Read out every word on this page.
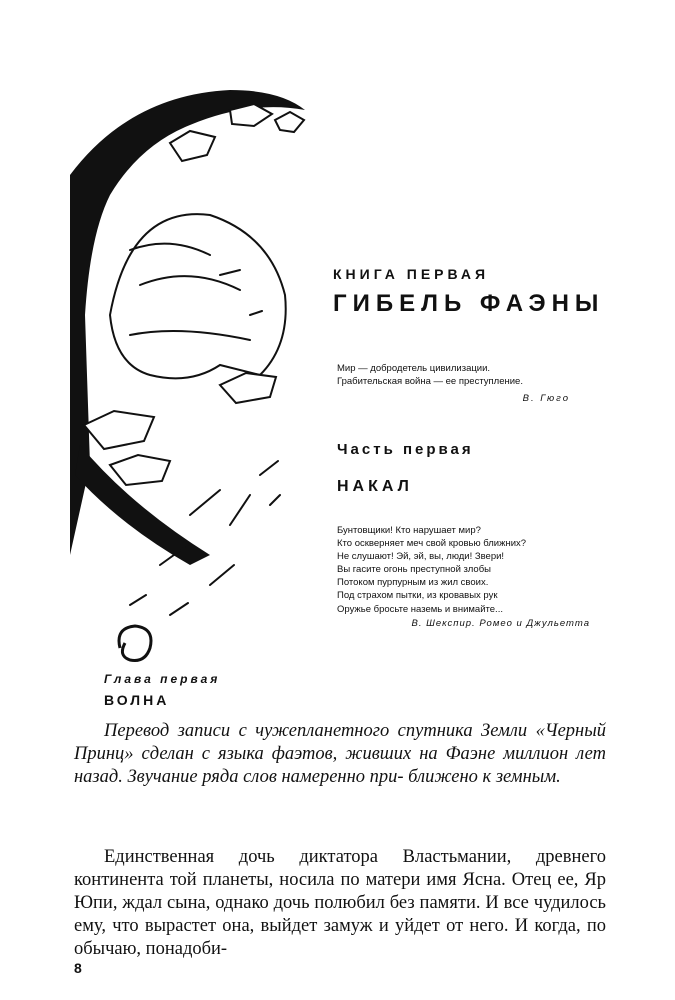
КНИГА ПЕРВАЯ
ГИБЕЛЬ ФАЭНЫ
Мир — добродетель цивилизации.
Грабительская война — ее преступление.
В. Гюго
Часть первая
НАКАЛ
Бунтовщики! Кто нарушает мир?
Кто оскверняет меч свой кровью ближних?
Не слушают! Эй, эй, вы, люди! Звери!
Вы гасите огонь преступной злобы
Потоком пурпурным из жил своих.
Под страхом пытки, из кровавых рук
Оружье бросьте наземь и внимайте...
В. Шекспир. Ромео и Джульетта
Глава первая
ВОЛНА

Перевод записи с чужепланетного спутника Земли «Черный Принц» сделан с языка фаэтов, живших на Фаэне миллион лет назад. Звучание ряда слов намеренно при- ближено к земным.

Единственная дочь диктатора Властьмании, древнего континента той планеты, носила по матери имя Ясна. Отец ее, Яр Юпи, ждал сына, однако дочь полюбил без памяти. И все чудилось ему, что вырастет она, выйдет замуж и уйдет от него. И когда, по обычаю, понадоби-

8
